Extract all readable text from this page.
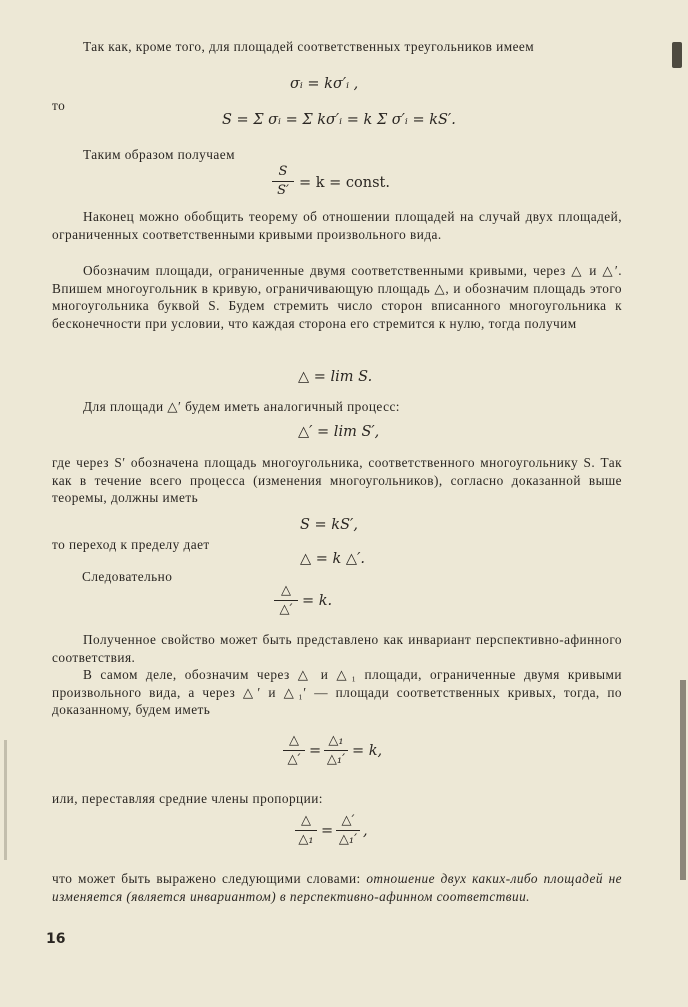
Так как, кроме того, для площадей соответственных треугольников имеем

σᵢ = kσ′ᵢ ,
то
S = Σ σᵢ = Σ kσ′ᵢ = k Σ σ′ᵢ = kS′.

Таким образом получаем

S
S′ = k = const.

Наконец можно обобщить теорему об отношении площадей на случай двух площадей, ограниченных соответственными кривыми произвольного вида.

Обозначим площади, ограниченные двумя соответственными кривыми, через △ и △′. Впишем многоугольник в кривую, ограничивающую площадь △, и обозначим площадь этого многоугольника буквой S. Будем стремить число сторон вписанного многоугольника к бесконечности при условии, что каждая сторона его стремится к нулю, тогда получим

△ = lim S.

Для площади △′ будем иметь аналогичный процесс:

△′ = lim S′,

где через S′ обозначена площадь многоугольника, соответственного многоугольнику S. Так как в течение всего процесса (изменения многоугольников), согласно доказанной выше теоремы, должны иметь

S = kS′,
то переход к пределу дает
△ = k △′.
Следовательно
△
△′
= k.

Полученное свойство может быть представлено как инвариант перспективно-афинного соответствия.

В самом деле, обозначим через △ и △₁ площади, ограниченные двумя кривыми произвольного вида, а через △′ и △₁′ — площади соответственных кривых, тогда, по доказанному, будем иметь

△
△′
=
△₁
△₁′
= k,

или, переставляя средние члены пропорции:

△
△₁
=
△′
△₁′
,

что может быть выражено следующими словами: отношение двух каких-либо площадей не изменяется (является инвариантом) в перспективно-афинном соответствии.

16
